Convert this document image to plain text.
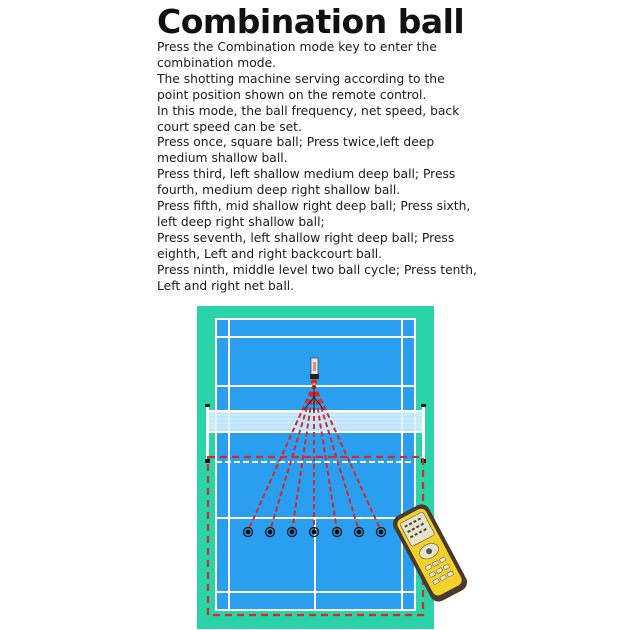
Combination ball

Press the Combination mode key to enter the combination mode.

The shotting machine serving according to the point position shown on the remote control.

In this mode, the ball frequency, net speed, back court speed can be set.

Press once, square ball; Press twice,left deep medium shallow ball.

Press third, left shallow medium deep ball; Press fourth, medium deep right shallow ball.

Press fifth, mid shallow right deep ball; Press sixth, left deep right shallow ball;

Press seventh, left shallow right deep ball; Press eighth, Left and right backcourt ball.

Press ninth, middle level two ball cycle; Press tenth, Left and right net ball.
